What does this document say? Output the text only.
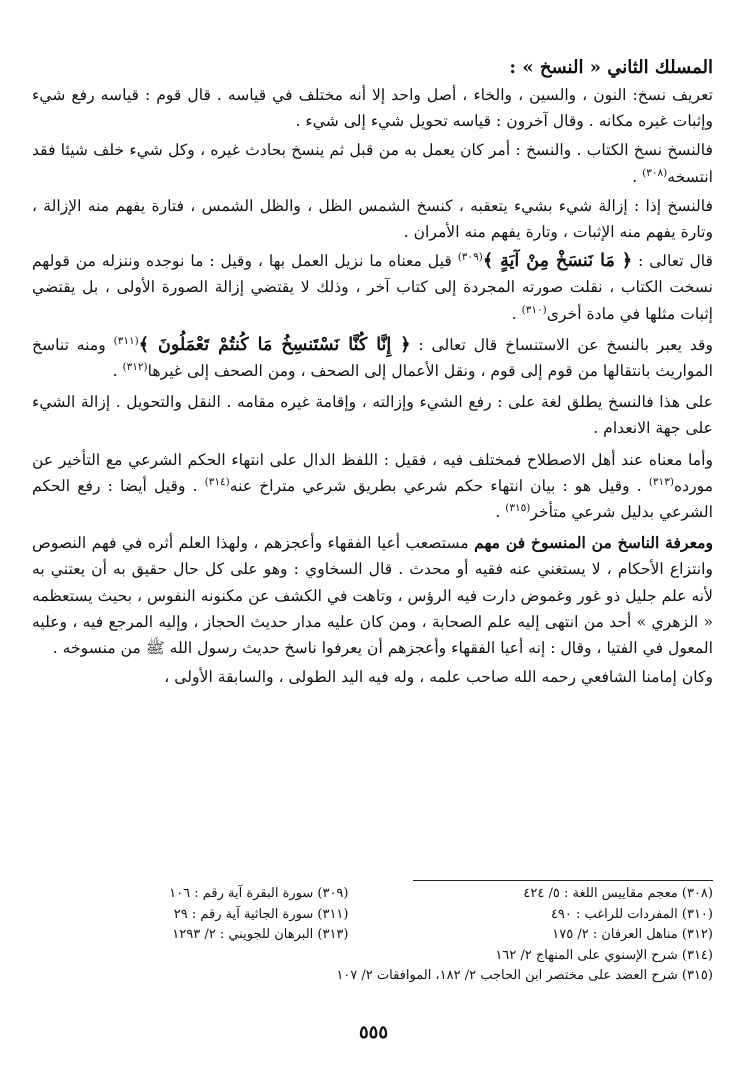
المسلك الثاني « النسخ » :

تعريف نسخ: النون ، والسين ، والخاء ، أصل واحد إلا أنه مختلف في قياسه . قال قوم : قياسه رفع شيء وإثبات غيره مكانه . وقال آخرون : قياسه تحويل شيء إلى شيء .

فالنسخ نسخ الكتاب . والنسخ : أمر كان يعمل به من قبل ثم ينسخ بحادث غيره ، وكل شيء خلف شيئا فقد انتسخه$^{(٣٠٨)}$ .

فالنسخ إذا : إزالة شيء بشيء يتعقبه ، كنسخ الشمس الظل ، والظل الشمس ، فتارة يفهم منه الإزالة ، وتارة يفهم منه الإثبات ، وتارة يفهم منه الأمران .

قال تعالى : ﴿ مَا نَنسَخْ مِنْ آيَةٍ ﴾$^{(٣٠٩)}$ قيل معناه ما نزيل العمل بها ، وقيل : ما نوجده وننزله من قولهم نسخت الكتاب ، نقلت صورته المجردة إلى كتاب آخر ، وذلك لا يقتضي إزالة الصورة الأولى ، بل يقتضي إثبات مثلها في مادة أخرى$^{(٣١٠)}$ .

وقد يعبر بالنسخ عن الاستنساخ قال تعالى : ﴿ إِنَّا كُنَّا نَسْتَنسِخُ مَا كُنتُمْ تَعْمَلُونَ ﴾$^{(٣١١)}$ ومنه تناسخ المواريث بانتقالها من قوم إلى قوم ، ونقل الأعمال إلى الصحف ، ومن الصحف إلى غيرها$^{(٣١٢)}$ .

على هذا فالنسخ يطلق لغة على : رفع الشيء وإزالته ، وإقامة غيره مقامه . النقل والتحويل . إزالة الشيء على جهة الانعدام .

وأما معناه عند أهل الاصطلاح فمختلف فيه ، فقيل : اللفظ الدال على انتهاء الحكم الشرعي مع التأخير عن مورده$^{(٣١٣)}$ . وقيل هو : بيان انتهاء حكم شرعي بطريق شرعي متراخ عنه$^{(٣١٤)}$ . وقيل أيضا : رفع الحكم الشرعي بدليل شرعي متأخر$^{(٣١٥)}$ .

ومعرفة الناسخ من المنسوخ فن مهم مستصعب أعيا الفقهاء وأعجزهم ، ولهذا العلم أثره في فهم النصوص وانتزاع الأحكام ، لا يستغني عنه فقيه أو محدث . قال السخاوي : وهو على كل حال حقيق به أن يعتني به لأنه علم جليل ذو غور وغموض دارت فيه الرؤس ، وتاهت في الكشف عن مكنونه النفوس ، بحيث يستعظمه « الزهري » أحد من انتهى إليه علم الصحابة ، ومن كان عليه مدار حديث الحجاز ، وإليه المرجع فيه ، وعليه المعول في الفتيا ، وقال : إنه أعيا الفقهاء وأعجزهم أن يعرفوا ناسخ حديث رسول الله ﷺ من منسوخه .

وكان إمامنا الشافعي رحمه الله صاحب علمه ، وله فيه اليد الطولى ، والسابقة الأولى ،

(٣٠٨) معجم مقاييس اللغة : ٥/ ٤٢٤
(٣٠٩) سورة البقرة آية رقم : ١٠٦
(٣١٠) المفردات للراغب : ٤٩٠
(٣١١) سورة الجاثية آية رقم : ٢٩
(٣١٢) مناهل العرفان : ٢/ ١٧٥
(٣١٣) البرهان للجويني : ٢/ ١٢٩٣
(٣١٤) شرح الإسنوي على المنهاج ٢/ ١٦٢
(٣١٥) شرح العضد على مختصر ابن الحاجب ٢/ ١٨٢، الموافقات ٢/ ١٠٧
٥٥٥
